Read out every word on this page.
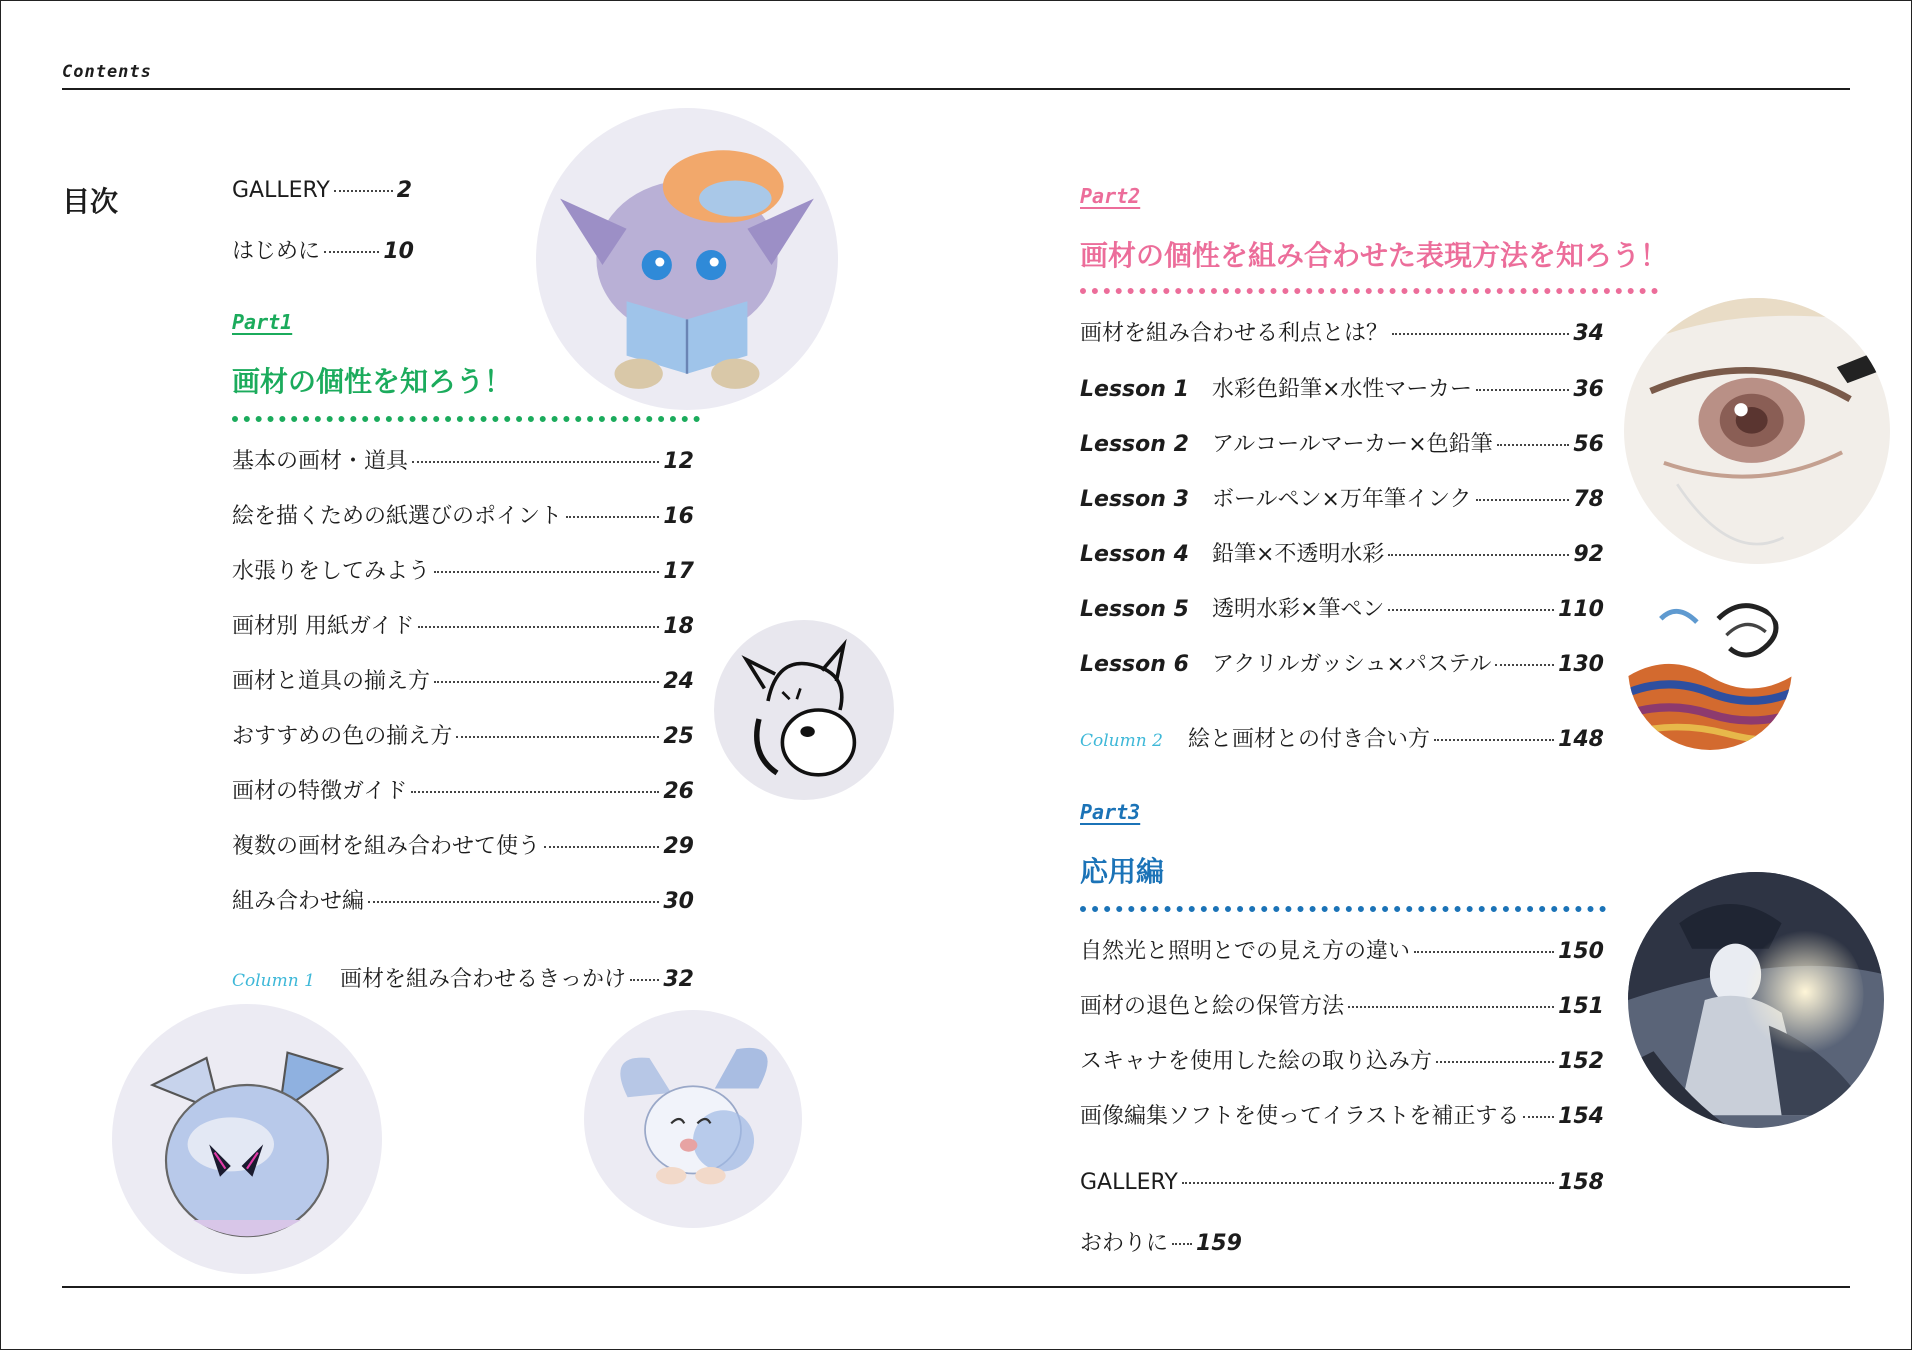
Contents
目次	GALLERY	2
はじめに	10
Part1
画材の個性を知ろう！
基本の画材・道具	12
絵を描くための紙選びのポイント	16
水張りをしてみよう	17
画材別 用紙ガイド	18
画材と道具の揃え方	24
おすすめの色の揃え方	25
画材の特徴ガイド	26
複数の画材を組み合わせて使う	29
組み合わせ編	30
Column 1	画材を組み合わせるきっかけ 32
Part2
画材の個性を組み合わせた表現方法を知ろう！
画材を組み合わせる利点とは？	34
Lesson 1	水彩色鉛筆×水性マーカー	36
Lesson 2	アルコールマーカー×色鉛筆	56
Lesson 3	ボールペン×万年筆インク	78
Lesson 4	鉛筆×不透明水彩	92
Lesson 5	透明水彩×筆ペン	110
Lesson 6	アクリルガッシュ×パステル	130
Column 2	絵と画材との付き合い方	148
Part3
応用編
自然光と照明とでの見え方の違い	150
画材の退色と絵の保管方法	151
スキャナを使用した絵の取り込み方	152
画像編集ソフトを使ってイラストを補正する 154
GALLERY	158
おわりに 159
